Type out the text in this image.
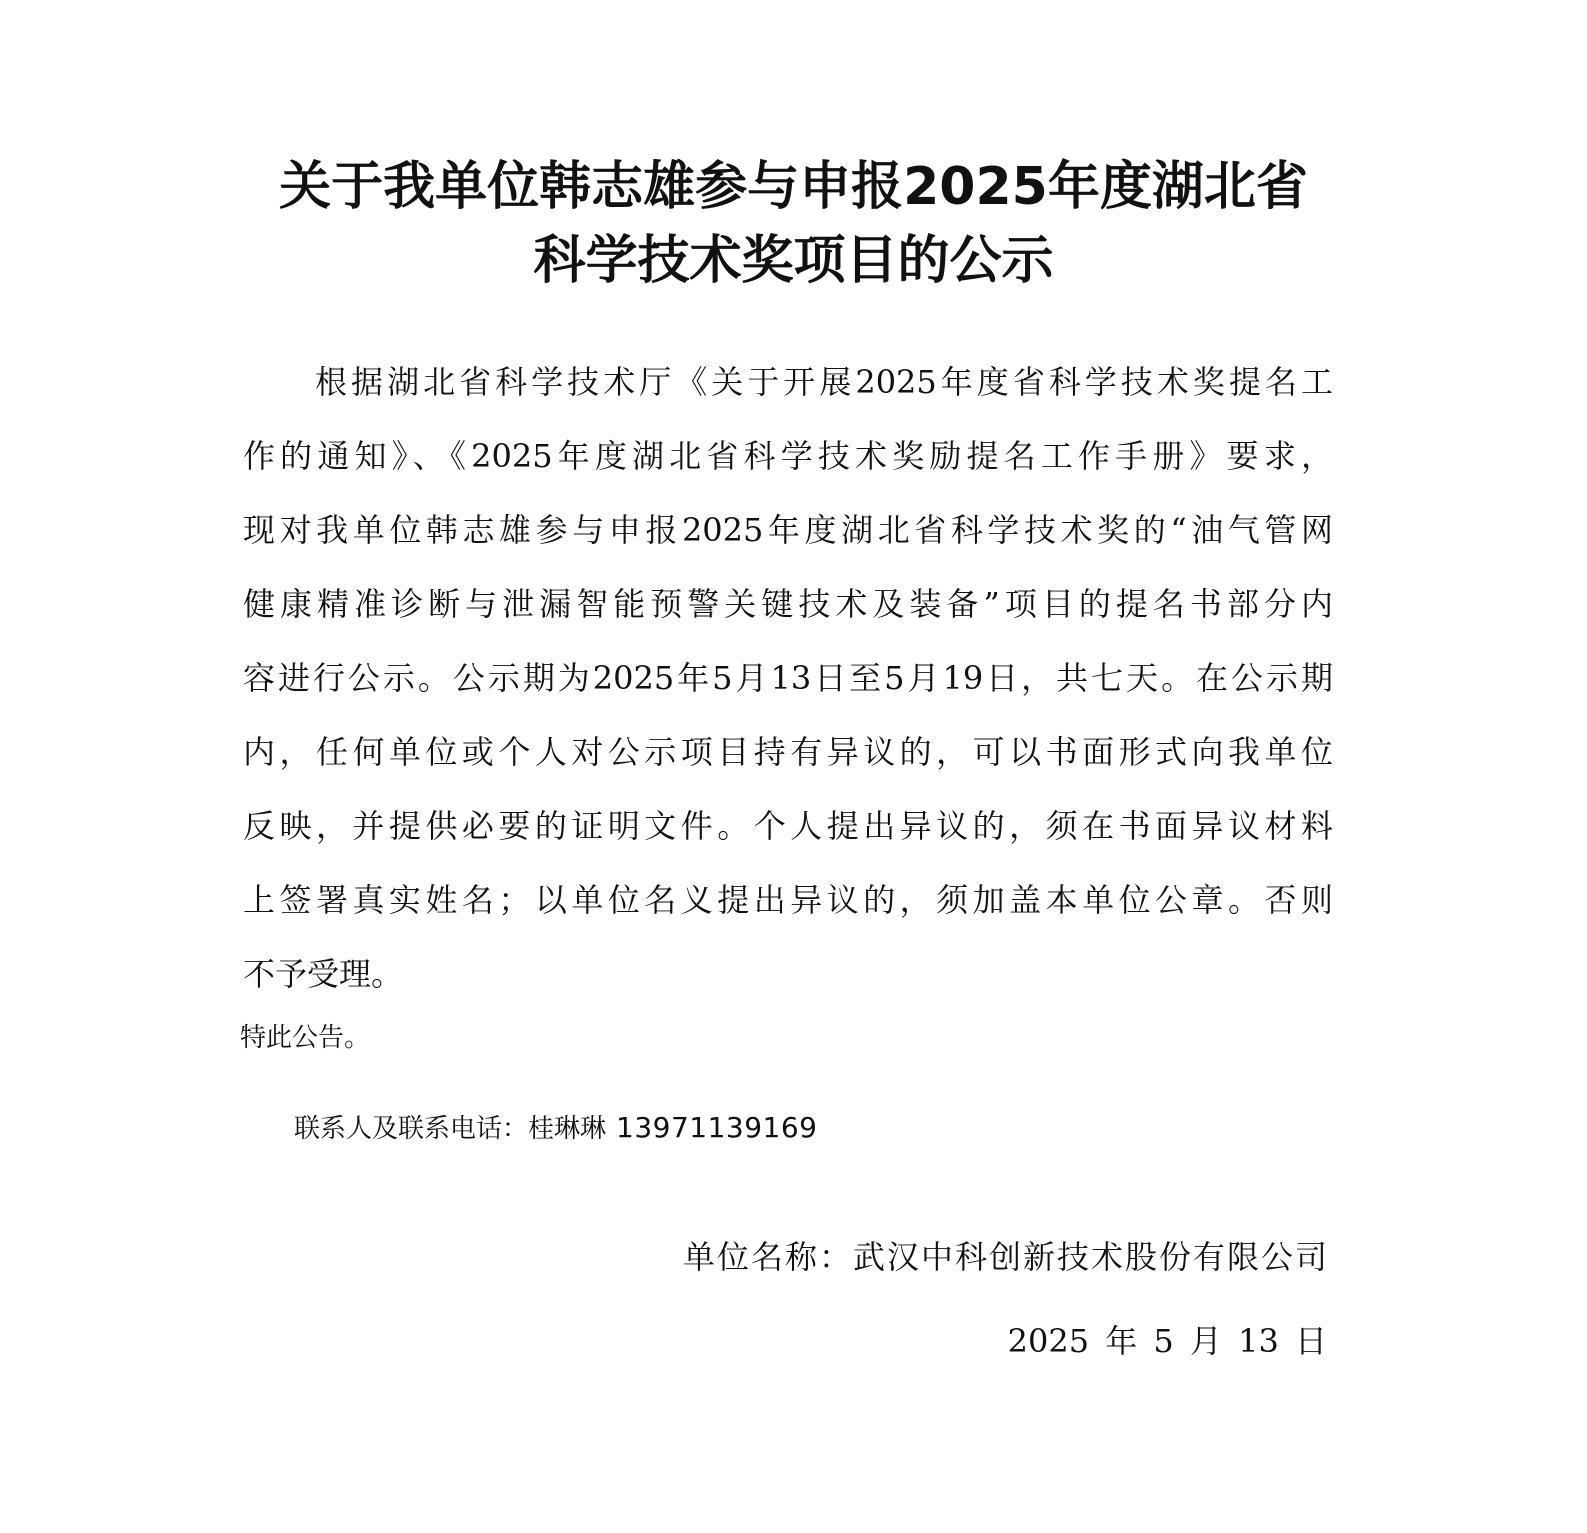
关于我单位韩志雄参与申报2025年度湖北省
科学技术奖项目的公示
　　根据湖北省科学技术厅《关于开展2025年度省科学技术奖提名工
作的通知》、《2025年度湖北省科学技术奖励提名工作手册》要求，
现对我单位韩志雄参与申报2025年度湖北省科学技术奖的“油气管网
健康精准诊断与泄漏智能预警关键技术及装备”项目的提名书部分内
容进行公示。公示期为2025年5月13日至5月19日，共七天。在公示期
内，任何单位或个人对公示项目持有异议的，可以书面形式向我单位
反映，并提供必要的证明文件。个人提出异议的，须在书面异议材料
上签署真实姓名；以单位名义提出异议的，须加盖本单位公章。否则
不予受理。
特此公告。
联系人及联系电话：桂琳琳 13971139169
单位名称：武汉中科创新技术股份有限公司
2025 年 5 月 13 日
